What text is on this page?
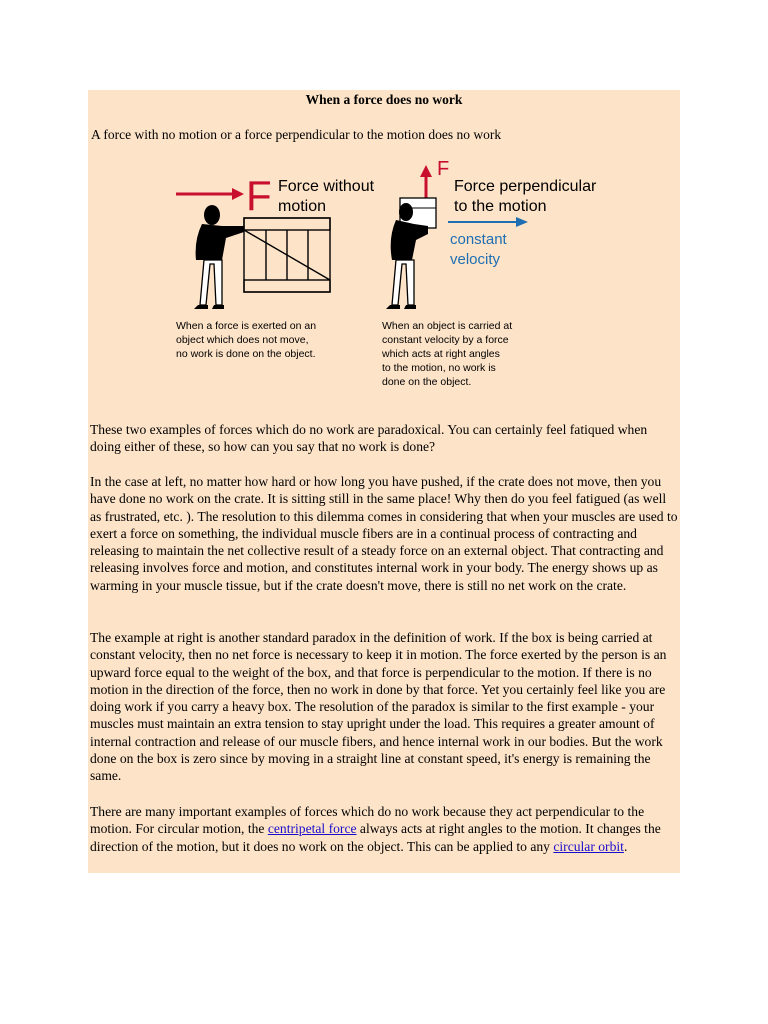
When a force does no work
A force with no motion or a force perpendicular to the motion does no work
F Force without
motion
When a force is exerted on an
object which does not move,
no work is done on the object.
F
Force perpendicular
to the motion
constant
velocity
When an object is carried at
constant velocity by a force
which acts at right angles
to the motion, no work is
done on the object.
These two examples of forces which do no work are paradoxical. You can certainly feel fatiqued when doing either of these, so how can you say that no work is done?
In the case at left, no matter how hard or how long you have pushed, if the crate does not move, then you have done no work on the crate. It is sitting still in the same place! Why then do you feel fatigued (as well as frustrated, etc. ). The resolution to this dilemma comes in considering that when your muscles are used to exert a force on something, the individual muscle fibers are in a continual process of contracting and releasing to maintain the net collective result of a steady force on an external object. That contracting and releasing involves force and motion, and constitutes internal work in your body. The energy shows up as warming in your muscle tissue, but if the crate doesn't move, there is still no net work on the crate.
The example at right is another standard paradox in the definition of work. If the box is being carried at constant velocity, then no net force is necessary to keep it in motion. The force exerted by the person is an upward force equal to the weight of the box, and that force is perpendicular to the motion. If there is no motion in the direction of the force, then no work in done by that force. Yet you certainly feel like you are doing work if you carry a heavy box. The resolution of the paradox is similar to the first example - your muscles must maintain an extra tension to stay upright under the load. This requires a greater amount of internal contraction and release of our muscle fibers, and hence internal work in our bodies. But the work done on the box is zero since by moving in a straight line at constant speed, it's energy is remaining the same.
There are many important examples of forces which do no work because they act perpendicular to the motion. For circular motion, the centripetal force always acts at right angles to the motion. It changes the direction of the motion, but it does no work on the object. This can be applied to any circular orbit.
